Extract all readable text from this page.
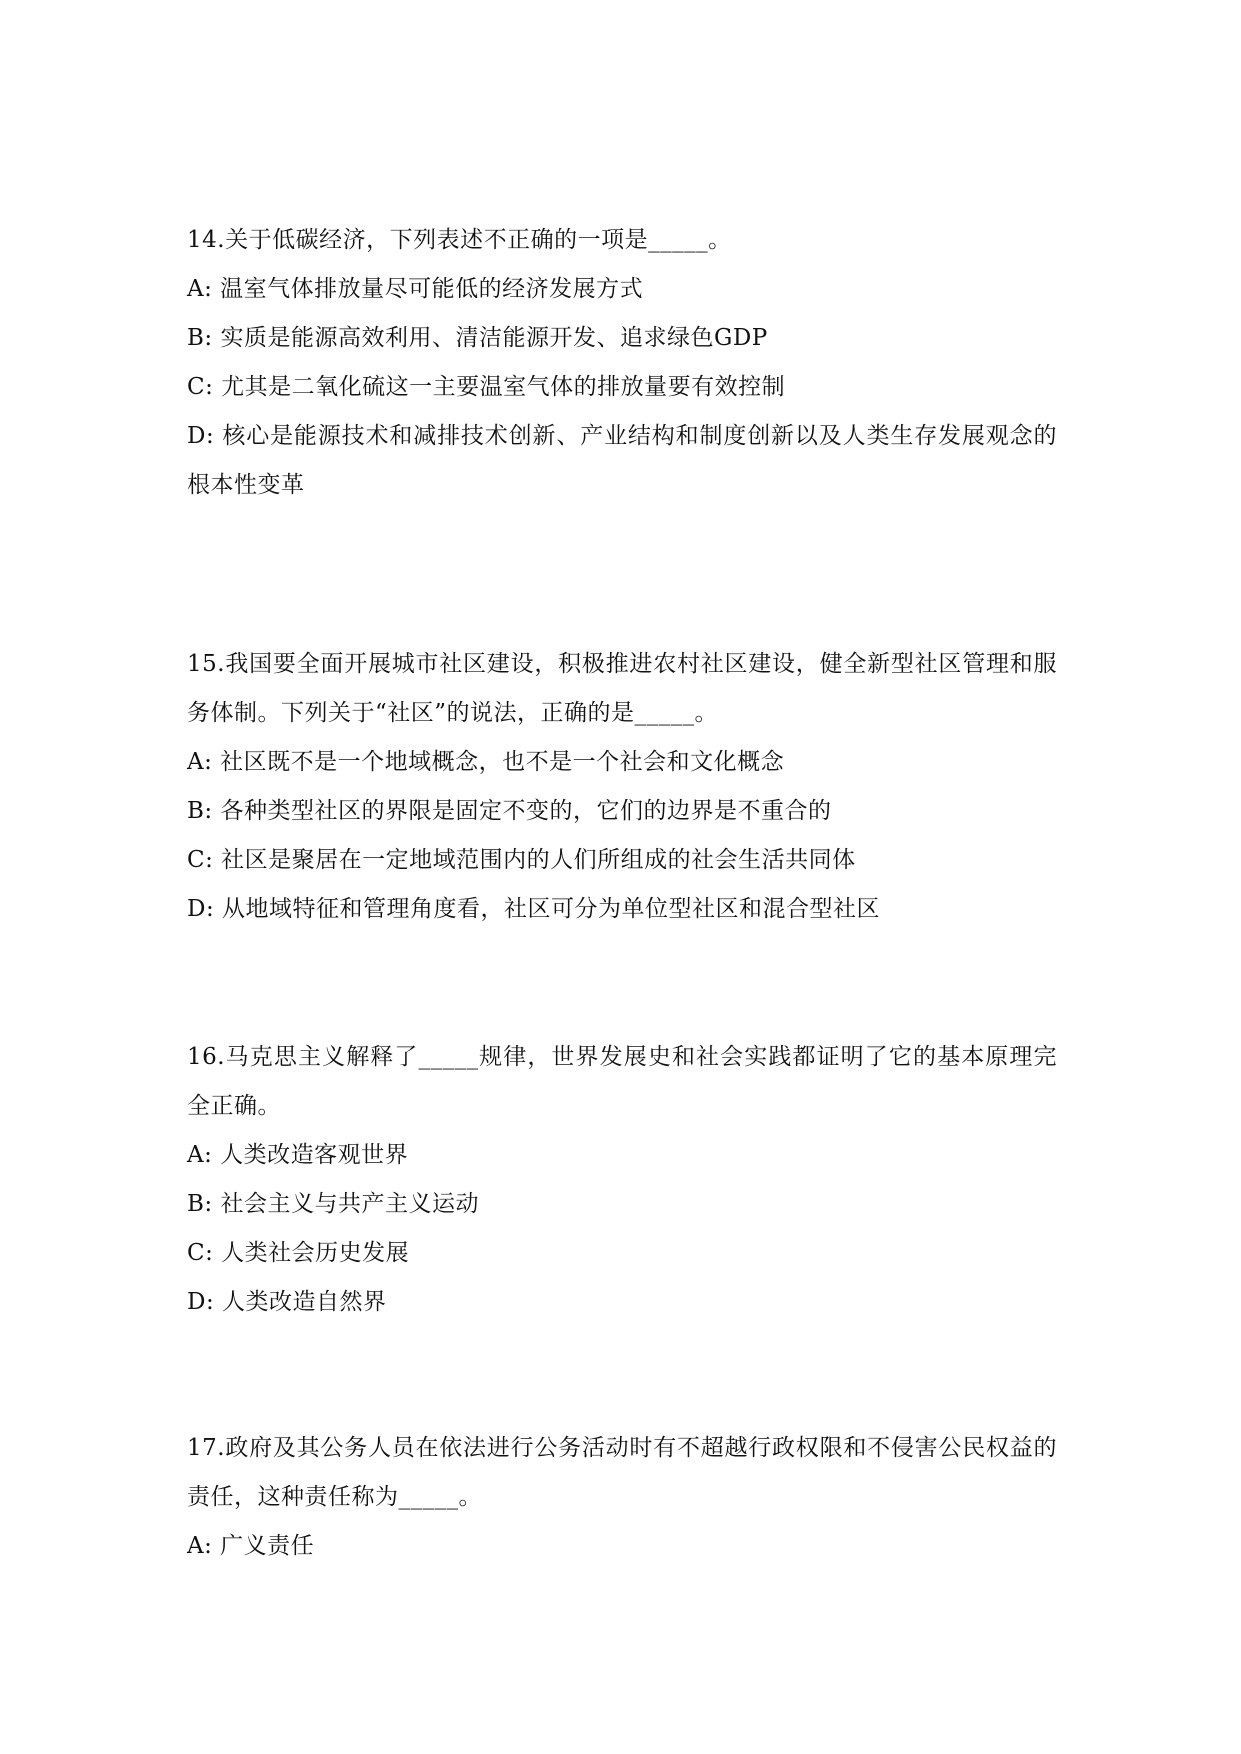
14.关于低碳经济，下列表述不正确的一项是_____。
A: 温室气体排放量尽可能低的经济发展方式
B: 实质是能源高效利用、清洁能源开发、追求绿色GDP
C: 尤其是二氧化硫这一主要温室气体的排放量要有效控制
D: 核心是能源技术和减排技术创新、产业结构和制度创新以及人类生存发展观念的根本性变革
15.我国要全面开展城市社区建设，积极推进农村社区建设，健全新型社区管理和服务体制。下列关于“社区”的说法，正确的是_____。
A: 社区既不是一个地域概念，也不是一个社会和文化概念
B: 各种类型社区的界限是固定不变的，它们的边界是不重合的
C: 社区是聚居在一定地域范围内的人们所组成的社会生活共同体
D: 从地域特征和管理角度看，社区可分为单位型社区和混合型社区
16.马克思主义解释了_____规律，世界发展史和社会实践都证明了它的基本原理完全正确。
A: 人类改造客观世界
B: 社会主义与共产主义运动
C: 人类社会历史发展
D: 人类改造自然界
17.政府及其公务人员在依法进行公务活动时有不超越行政权限和不侵害公民权益的责任，这种责任称为_____。
A: 广义责任
